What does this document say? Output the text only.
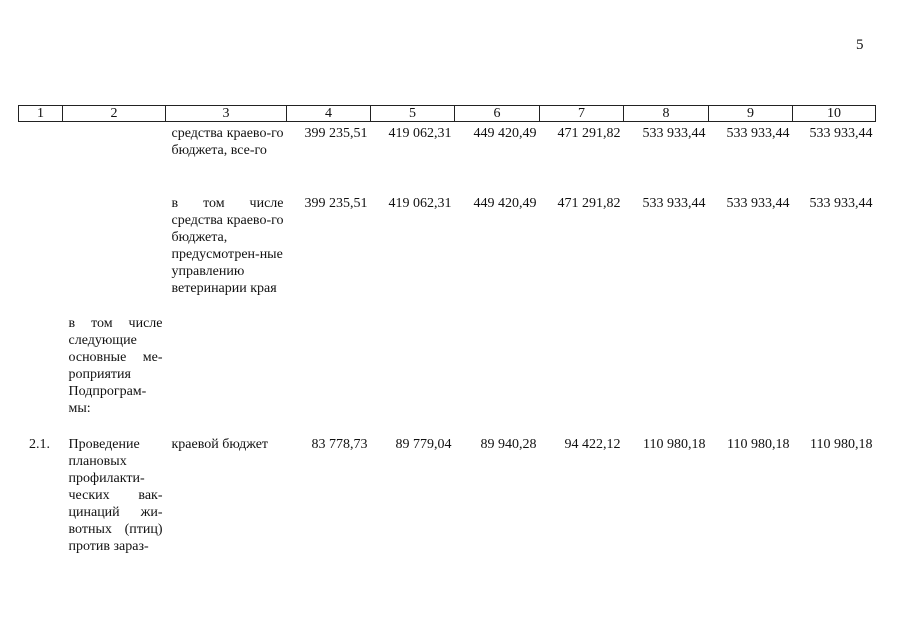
5
1	2	3	4	5	6	7	8	9	10
		средства краево-го бюджета, все-го	399 235,51	419 062,31	449 420,49	471 291,82	533 933,44	533 933,44	533 933,44
		в том числе средства краево-го бюджета, предусмотрен-ные управлению ветеринарии края	399 235,51	419 062,31	449 420,49	471 291,82	533 933,44	533 933,44	533 933,44
	в том числе следующие основные ме-роприятия Подпрограм-мы:								
2.1.	Проведение плановых профилакти-ческих вак-цинаций жи-вотных (птиц) против зараз-	краевой бюджет	83 778,73	89 779,04	89 940,28	94 422,12	110 980,18	110 980,18	110 980,18
